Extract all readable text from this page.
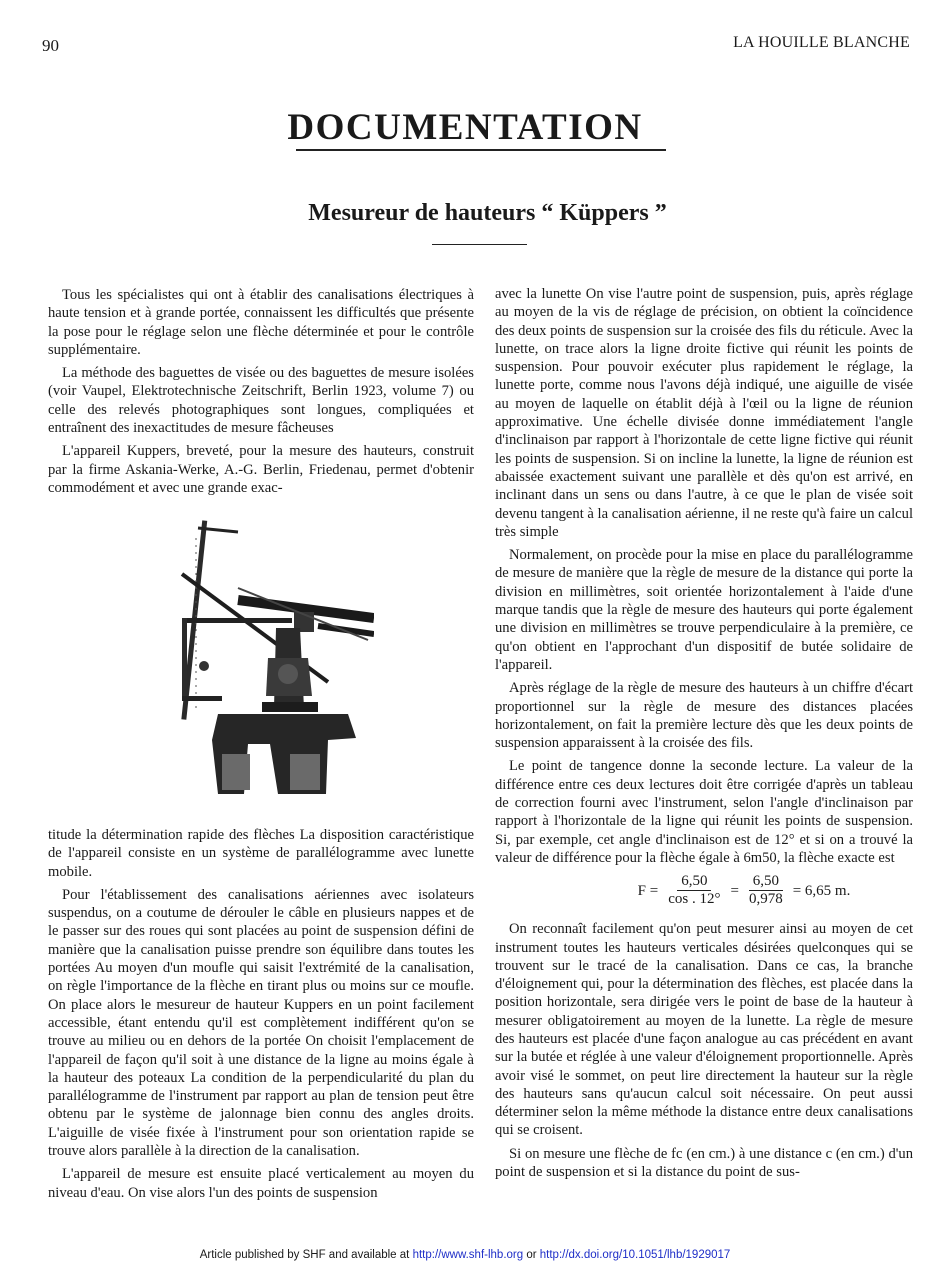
90	LA HOUILLE BLANCHE
DOCUMENTATION
Mesureur de hauteurs “ Küppers ”

Tous les spécialistes qui ont à établir des canalisations électriques à haute tension et à grande portée, connaissent les difficultés que présente la pose pour le réglage selon une flèche déterminée et pour le contrôle supplémentaire.

La méthode des baguettes de visée ou des baguettes de mesure isolées (voir Vaupel, Elektrotechnische Zeitschrift, Berlin 1923, volume 7) ou celle des relevés photographiques sont longues, compliquées et entraînent des inexactitudes de mesure fâcheuses

L'appareil Kuppers, breveté, pour la mesure des hauteurs, construit par la firme Askania-Werke, A.-G. Berlin, Friedenau, permet d'obtenir commodément et avec une grande exac-

titude la détermination rapide des flèches La disposition caractéristique de l'appareil consiste en un système de parallélogramme avec lunette mobile.

Pour l'établissement des canalisations aériennes avec isolateurs suspendus, on a coutume de dérouler le câble en plusieurs nappes et de le passer sur des roues qui sont placées au point de suspension défini de manière que la canalisation puisse prendre son équilibre dans toutes les portées Au moyen d'un moufle qui saisit l'extrémité de la canalisation, on règle l'importance de la flèche en tirant plus ou moins sur ce moufle. On place alors le mesureur de hauteur Kuppers en un point facilement accessible, étant entendu qu'il est complètement indifférent qu'on se trouve au milieu ou en dehors de la portée On choisit l'emplacement de l'appareil de façon qu'il soit à une distance de la ligne au moins égale à la hauteur des poteaux La condition de la perpendicularité du plan du parallélogramme de l'instrument par rapport au plan de tension peut être obtenu par le système de jalonnage bien connu des angles droits. L'aiguille de visée fixée à l'instrument pour son orientation rapide se trouve alors parallèle à la direction de la canalisation.

L'appareil de mesure est ensuite placé verticalement au moyen du niveau d'eau. On vise alors l'un des points de suspension

avec la lunette On vise l'autre point de suspension, puis, après réglage au moyen de la vis de réglage de précision, on obtient la coïncidence des deux points de suspension sur la croisée des fils du réticule. Avec la lunette, on trace alors la ligne droite fictive qui réunit les points de suspension. Pour pouvoir exécuter plus rapidement le réglage, la lunette porte, comme nous l'avons déjà indiqué, une aiguille de visée au moyen de laquelle on établit déjà à l'œil ou la ligne de réunion approximative. Une échelle divisée donne immédiatement l'angle d'inclinaison par rapport à l'horizontale de cette ligne fictive qui réunit les points de suspension. Si on incline la lunette, la ligne de réunion est abaissée exactement suivant une parallèle et dès qu'on est arrivé, en inclinant dans un sens ou dans l'autre, à ce que le plan de visée soit devenu tangent à la canalisation aérienne, il ne reste qu'à faire un calcul très simple

Normalement, on procède pour la mise en place du parallélogramme de mesure de manière que la règle de mesure de la distance qui porte la division en millimètres, soit orientée horizontalement à l'aide d'une marque tandis que la règle de mesure des hauteurs qui porte également une division en millimètres se trouve perpendiculaire à la première, ce qu'on obtient en l'approchant d'un dispositif de butée solidaire de l'appareil.

Après réglage de la règle de mesure des hauteurs à un chiffre d'écart proportionnel sur la règle de mesure des distances placées horizontalement, on fait la première lecture dès que les deux points de suspension apparaissent à la croisée des fils.

Le point de tangence donne la seconde lecture. La valeur de la différence entre ces deux lectures doit être corrigée d'après un tableau de correction fourni avec l'instrument, selon l'angle d'inclinaison par rapport à l'horizontale de la ligne qui réunit les points de suspension. Si, par exemple, cet angle d'inclinaison est de 12° et si on a trouvé la valeur de différence pour la flèche égale à 6m50, la flèche exacte est

$F = \frac{6,50}{\cos . 12^\circ} = \frac{6,50}{0,978} = 6,65$ m.

On reconnaît facilement qu'on peut mesurer ainsi au moyen de cet instrument toutes les hauteurs verticales désirées quelconques qui se trouvent sur le tracé de la canalisation. Dans ce cas, la branche d'éloignement qui, pour la détermination des flèches, est placée dans la position horizontale, sera dirigée vers le point de base de la hauteur à mesurer obligatoirement au moyen de la lunette. La règle de mesure des hauteurs est placée d'une façon analogue au cas précédent en avant sur la butée et réglée à une valeur d'éloignement proportionnelle. Après avoir visé le sommet, on peut lire directement la hauteur sur la règle des hauteurs sans qu'aucun calcul soit nécessaire. On peut aussi déterminer selon la même méthode la distance entre deux canalisations qui se croisent.

Si on mesure une flèche de fc (en cm.) à une distance c (en cm.) d'un point de suspension et si la distance du point de sus-

Article published by SHF and available at http://www.shf-lhb.org or http://dx.doi.org/10.1051/lhb/1929017
